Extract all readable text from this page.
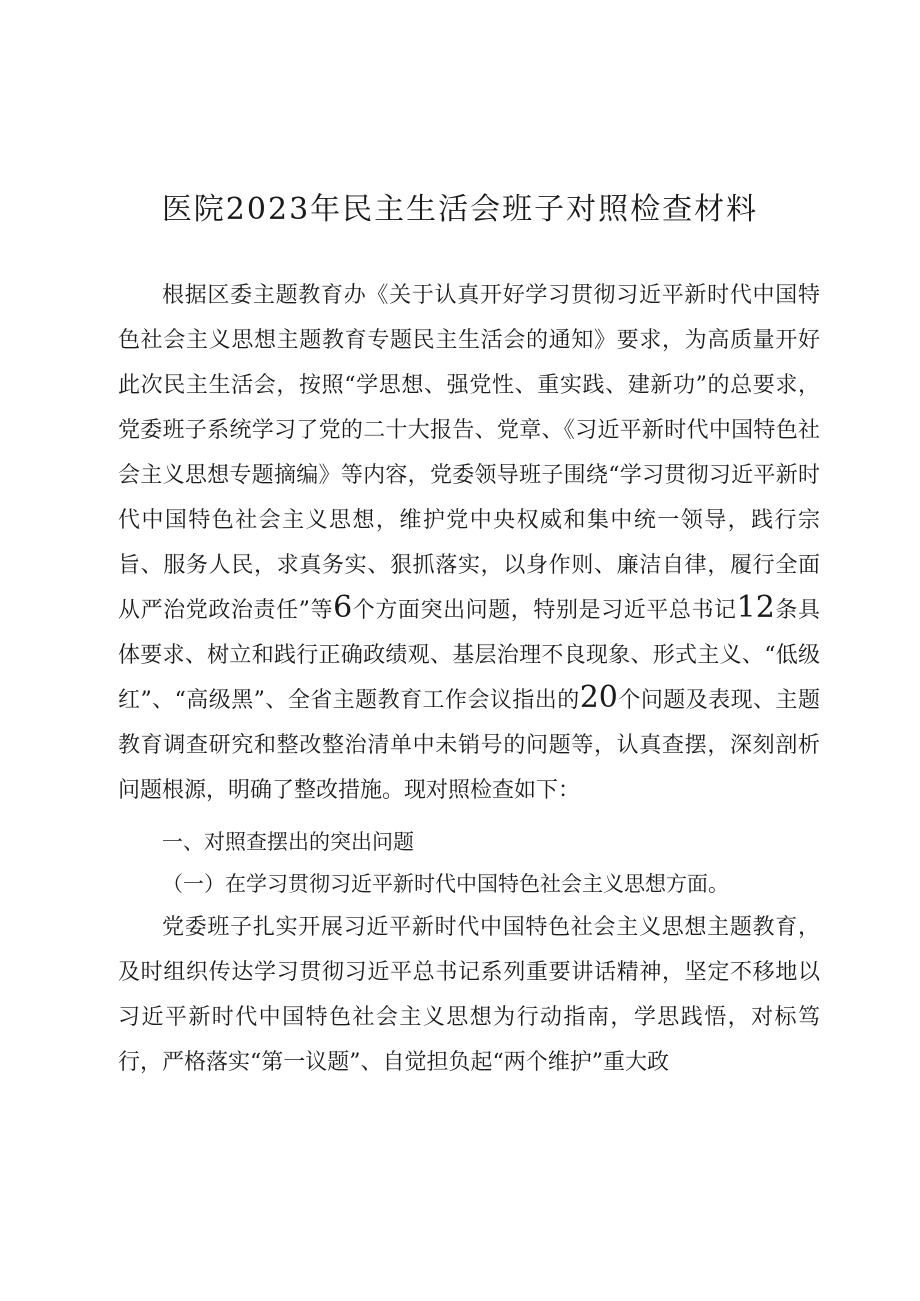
医院2023年民主生活会班子对照检查材料

根据区委主题教育办《关于认真开好学习贯彻习近平新时代中国特色社会主义思想主题教育专题民主生活会的通知》要求，为高质量开好此次民主生活会，按照“学思想、强党性、重实践、建新功”的总要求，党委班子系统学习了党的二十大报告、党章、《习近平新时代中国特色社会主义思想专题摘编》等内容，党委领导班子围绕“学习贯彻习近平新时代中国特色社会主义思想，维护党中央权威和集中统一领导，践行宗旨、服务人民，求真务实、狠抓落实，以身作则、廉洁自律，履行全面从严治党政治责任”等6个方面突出问题，特别是习近平总书记12条具体要求、树立和践行正确政绩观、基层治理不良现象、形式主义、“低级红”、“高级黑”、全省主题教育工作会议指出的20个问题及表现、主题教育调查研究和整改整治清单中未销号的问题等，认真查摆，深刻剖析问题根源，明确了整改措施。现对照检查如下：

一、对照查摆出的突出问题
（一）在学习贯彻习近平新时代中国特色社会主义思想方面。

党委班子扎实开展习近平新时代中国特色社会主义思想主题教育，及时组织传达学习贯彻习近平总书记系列重要讲话精神，坚定不移地以习近平新时代中国特色社会主义思想为行动指南，学思践悟，对标笃行，严格落实“第一议题”、自觉担负起“两个维护”重大政
